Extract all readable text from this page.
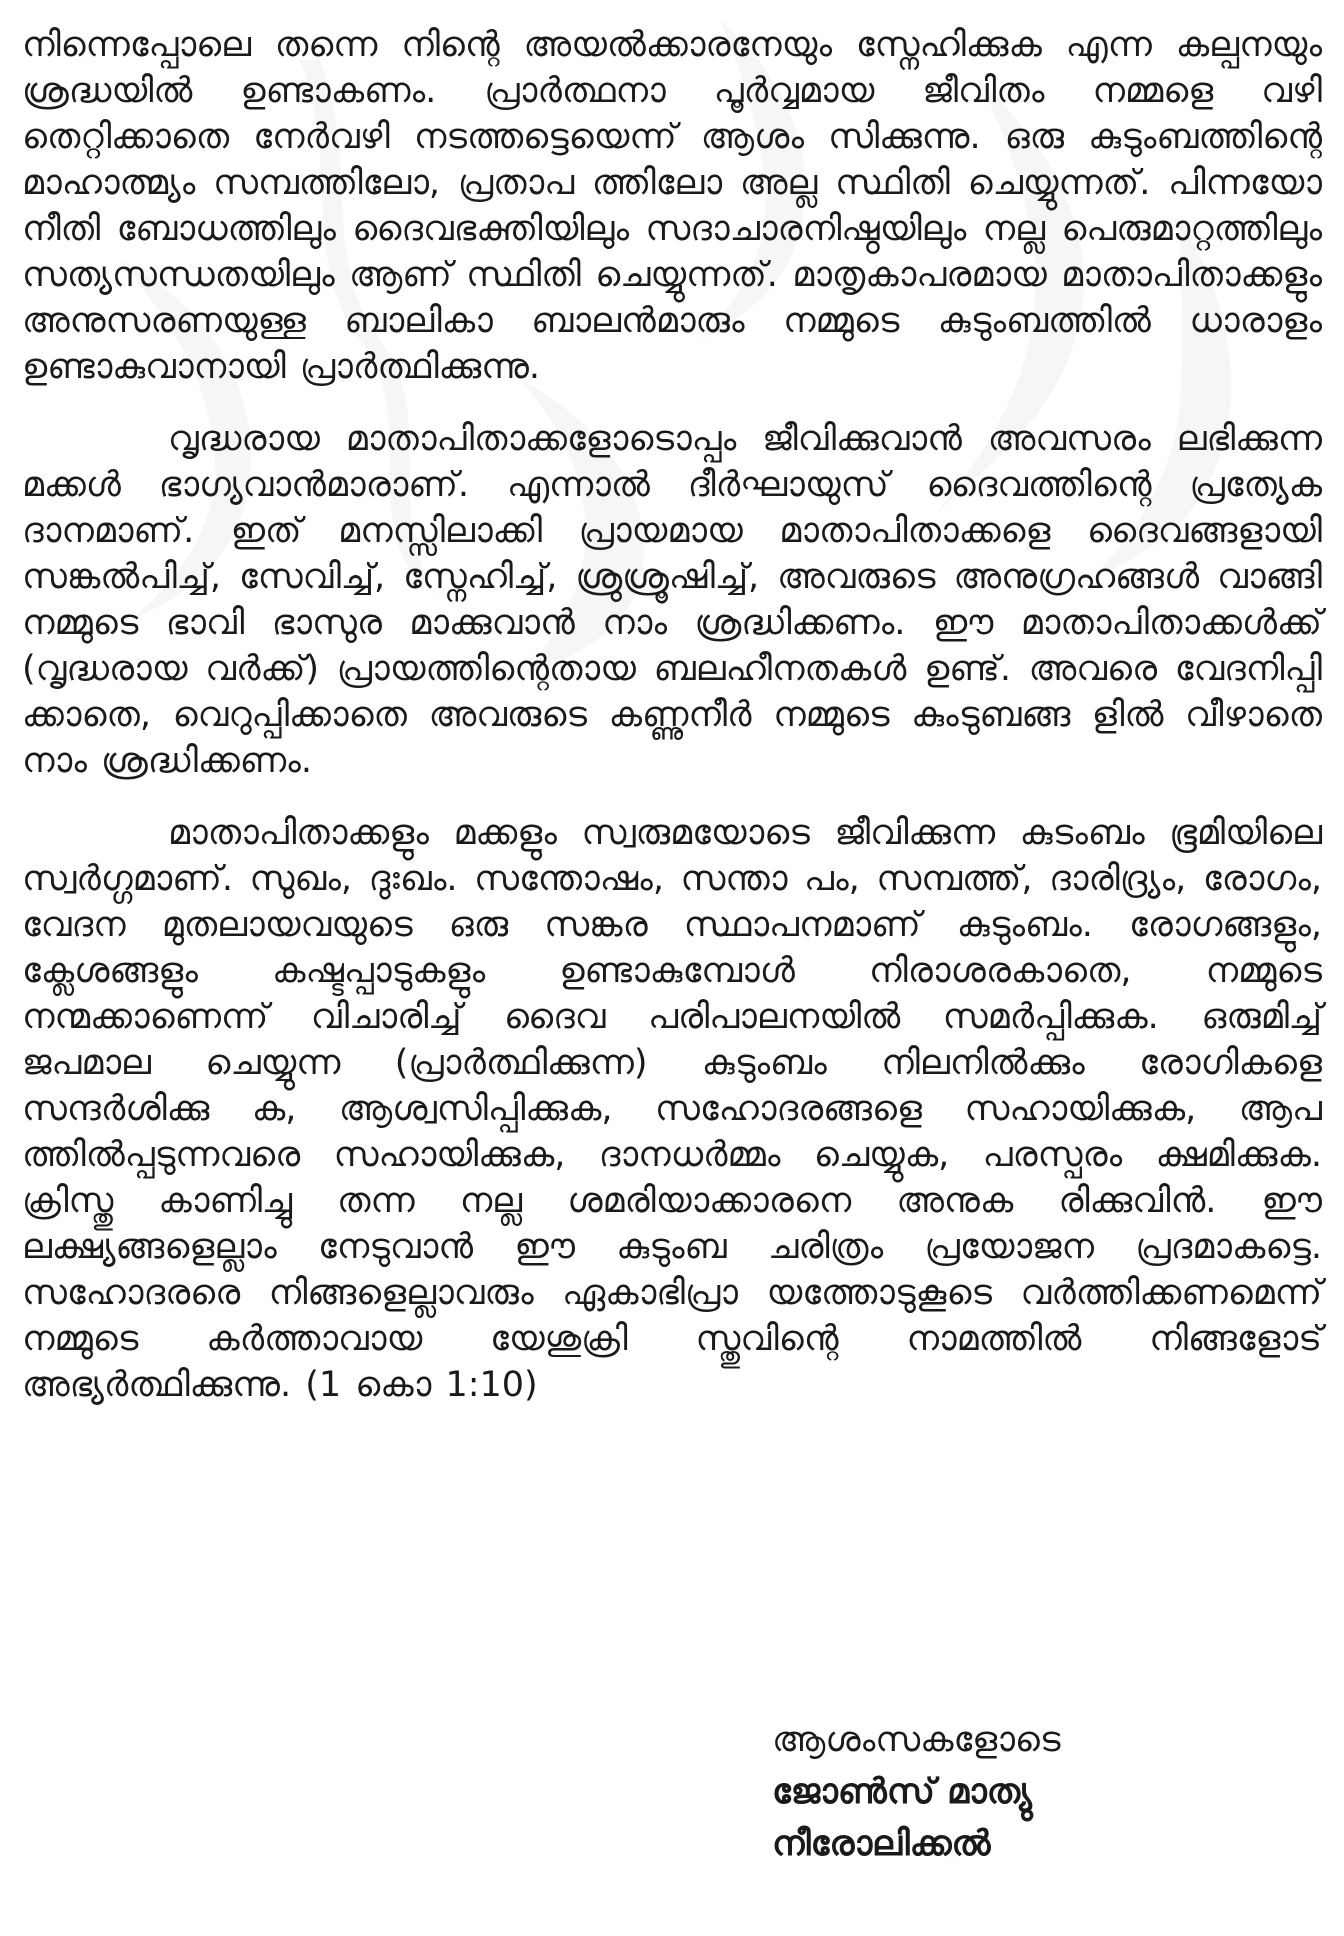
നിന്നെപ്പോലെ തന്നെ നിന്റെ അയൽക്കാരനേയും സ്നേഹിക്കുക എന്ന കല്പനയും ശ്രദ്ധയിൽ ഉണ്ടാകണം. പ്രാർത്ഥനാ പൂർവ്വമായ ജീവിതം നമ്മളെ വഴി തെറ്റിക്കാതെ നേർവഴി നടത്തട്ടെയെന്ന് ആശം സിക്കുന്നു. ഒരു കുടുംബത്തിന്റെ മാഹാത്മ്യം സമ്പത്തിലോ, പ്രതാപ ത്തിലോ അല്ല സ്ഥിതി ചെയ്യുന്നത്. പിന്നയോ നീതി ബോധത്തിലും ദൈവഭക്തിയിലും സദാചാരനിഷ്ഠയിലും നല്ല പെരുമാറ്റത്തിലും സത്യസന്ധതയിലും ആണ് സ്ഥിതി ചെയ്യുന്നത്. മാതൃകാപരമായ മാതാപിതാക്കളും അനുസരണയുള്ള ബാലികാ ബാലൻമാരും നമ്മുടെ കുടുംബത്തിൽ ധാരാളം ഉണ്ടാകുവാനായി പ്രാർത്ഥിക്കുന്നു.

വൃദ്ധരായ മാതാപിതാക്കളോടൊപ്പം ജീവിക്കുവാൻ അവസരം ലഭിക്കുന്ന മക്കൾ ഭാഗ്യവാൻമാരാണ്. എന്നാൽ ദീർഘായുസ് ദൈവത്തിന്റെ പ്രത്യേക ദാനമാണ്. ഇത് മനസ്സിലാക്കി പ്രായമായ മാതാപിതാക്കളെ ദൈവങ്ങളായി സങ്കൽപിച്ച്, സേവിച്ച്, സ്നേഹിച്ച്, ശ്രുശ്രൂഷിച്ച്, അവരുടെ അനുഗ്രഹങ്ങൾ വാങ്ങി നമ്മുടെ ഭാവി ഭാസുര മാക്കുവാൻ നാം ശ്രദ്ധിക്കണം. ഈ മാതാപിതാക്കൾക്ക് (വൃദ്ധരായ വർക്ക്) പ്രായത്തിന്റെതായ ബലഹീനതകൾ ഉണ്ട്. അവരെ വേദനിപ്പി ക്കാതെ, വെറുപ്പിക്കാതെ അവരുടെ കണ്ണുനീർ നമ്മുടെ കുംടുബങ്ങ ളിൽ വീഴാതെ നാം ശ്രദ്ധിക്കണം.

മാതാപിതാക്കളും മക്കളും സ്വരുമയോടെ ജീവിക്കുന്ന കുടംബം ഭൂമിയിലെ സ്വർഗ്ഗമാണ്. സുഖം, ദുഃഖം. സന്തോഷം, സന്താ പം, സമ്പത്ത്, ദാരിദ്ര്യം, രോഗം, വേദന മുതലായവയുടെ ഒരു സങ്കര സ്ഥാപനമാണ് കുടുംബം. രോഗങ്ങളും, ക്ലേശങ്ങളും കഷ്ടപ്പാടുകളും ഉണ്ടാകുമ്പോൾ നിരാശരകാതെ, നമ്മുടെ നന്മക്കാണെന്ന് വിചാരിച്ച് ദൈവ പരിപാലനയിൽ സമർപ്പിക്കുക. ഒരുമിച്ച് ജപമാല ചെയ്യുന്ന (പ്രാർത്ഥിക്കുന്ന) കുടുംബം നിലനിൽക്കും രോഗികളെ സന്ദർശിക്കു ക, ആശ്വസിപ്പിക്കുക, സഹോദരങ്ങളെ സഹായിക്കുക, ആപ ത്തിൽപ്പടുന്നവരെ സഹായിക്കുക, ദാനധർമ്മം ചെയ്യുക, പരസ്പരം ക്ഷമിക്കുക. ക്രിസ്തു കാണിച്ചു തന്ന നല്ല ശമരിയാക്കാരനെ അനുക രിക്കുവിൻ. ഈ ലക്ഷ്യങ്ങളെല്ലാം നേടുവാൻ ഈ കുടുംബ ചരിത്രം പ്രയോജന പ്രദമാകട്ടെ. സഹോദരരെ നിങ്ങളെല്ലാവരും ഏകാഭിപ്രാ യത്തോടുകൂടെ വർത്തിക്കണമെന്ന് നമ്മുടെ കർത്താവായ യേശുക്രി സ്തുവിന്റെ നാമത്തിൽ നിങ്ങളോട് അഭ്യർത്ഥിക്കുന്നു. (1 കൊ 1:10)

ആശംസകളോടെ
ജോൺസ് മാത്യു
നീരോലിക്കൽ
